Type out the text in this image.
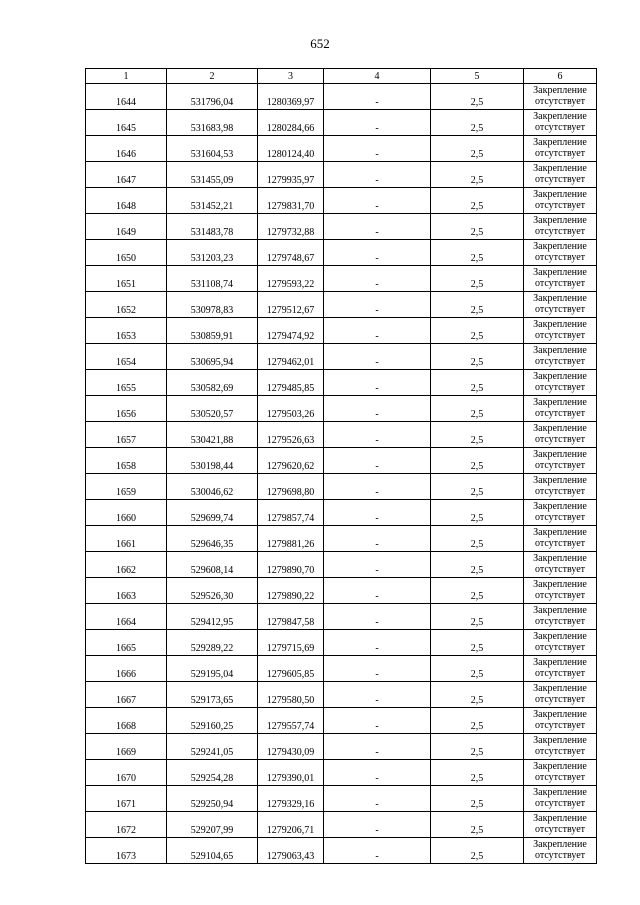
652
1	2	3	4	5	6
1644	531796,04	1280369,97	-	2,5	Закрепление отсутствует
1645	531683,98	1280284,66	-	2,5	Закрепление отсутствует
1646	531604,53	1280124,40	-	2,5	Закрепление отсутствует
1647	531455,09	1279935,97	-	2,5	Закрепление отсутствует
1648	531452,21	1279831,70	-	2,5	Закрепление отсутствует
1649	531483,78	1279732,88	-	2,5	Закрепление отсутствует
1650	531203,23	1279748,67	-	2,5	Закрепление отсутствует
1651	531108,74	1279593,22	-	2,5	Закрепление отсутствует
1652	530978,83	1279512,67	-	2,5	Закрепление отсутствует
1653	530859,91	1279474,92	-	2,5	Закрепление отсутствует
1654	530695,94	1279462,01	-	2,5	Закрепление отсутствует
1655	530582,69	1279485,85	-	2,5	Закрепление отсутствует
1656	530520,57	1279503,26	-	2,5	Закрепление отсутствует
1657	530421,88	1279526,63	-	2,5	Закрепление отсутствует
1658	530198,44	1279620,62	-	2,5	Закрепление отсутствует
1659	530046,62	1279698,80	-	2,5	Закрепление отсутствует
1660	529699,74	1279857,74	-	2,5	Закрепление отсутствует
1661	529646,35	1279881,26	-	2,5	Закрепление отсутствует
1662	529608,14	1279890,70	-	2,5	Закрепление отсутствует
1663	529526,30	1279890,22	-	2,5	Закрепление отсутствует
1664	529412,95	1279847,58	-	2,5	Закрепление отсутствует
1665	529289,22	1279715,69	-	2,5	Закрепление отсутствует
1666	529195,04	1279605,85	-	2,5	Закрепление отсутствует
1667	529173,65	1279580,50	-	2,5	Закрепление отсутствует
1668	529160,25	1279557,74	-	2,5	Закрепление отсутствует
1669	529241,05	1279430,09	-	2,5	Закрепление отсутствует
1670	529254,28	1279390,01	-	2,5	Закрепление отсутствует
1671	529250,94	1279329,16	-	2,5	Закрепление отсутствует
1672	529207,99	1279206,71	-	2,5	Закрепление отсутствует
1673	529104,65	1279063,43	-	2,5	Закрепление отсутствует
